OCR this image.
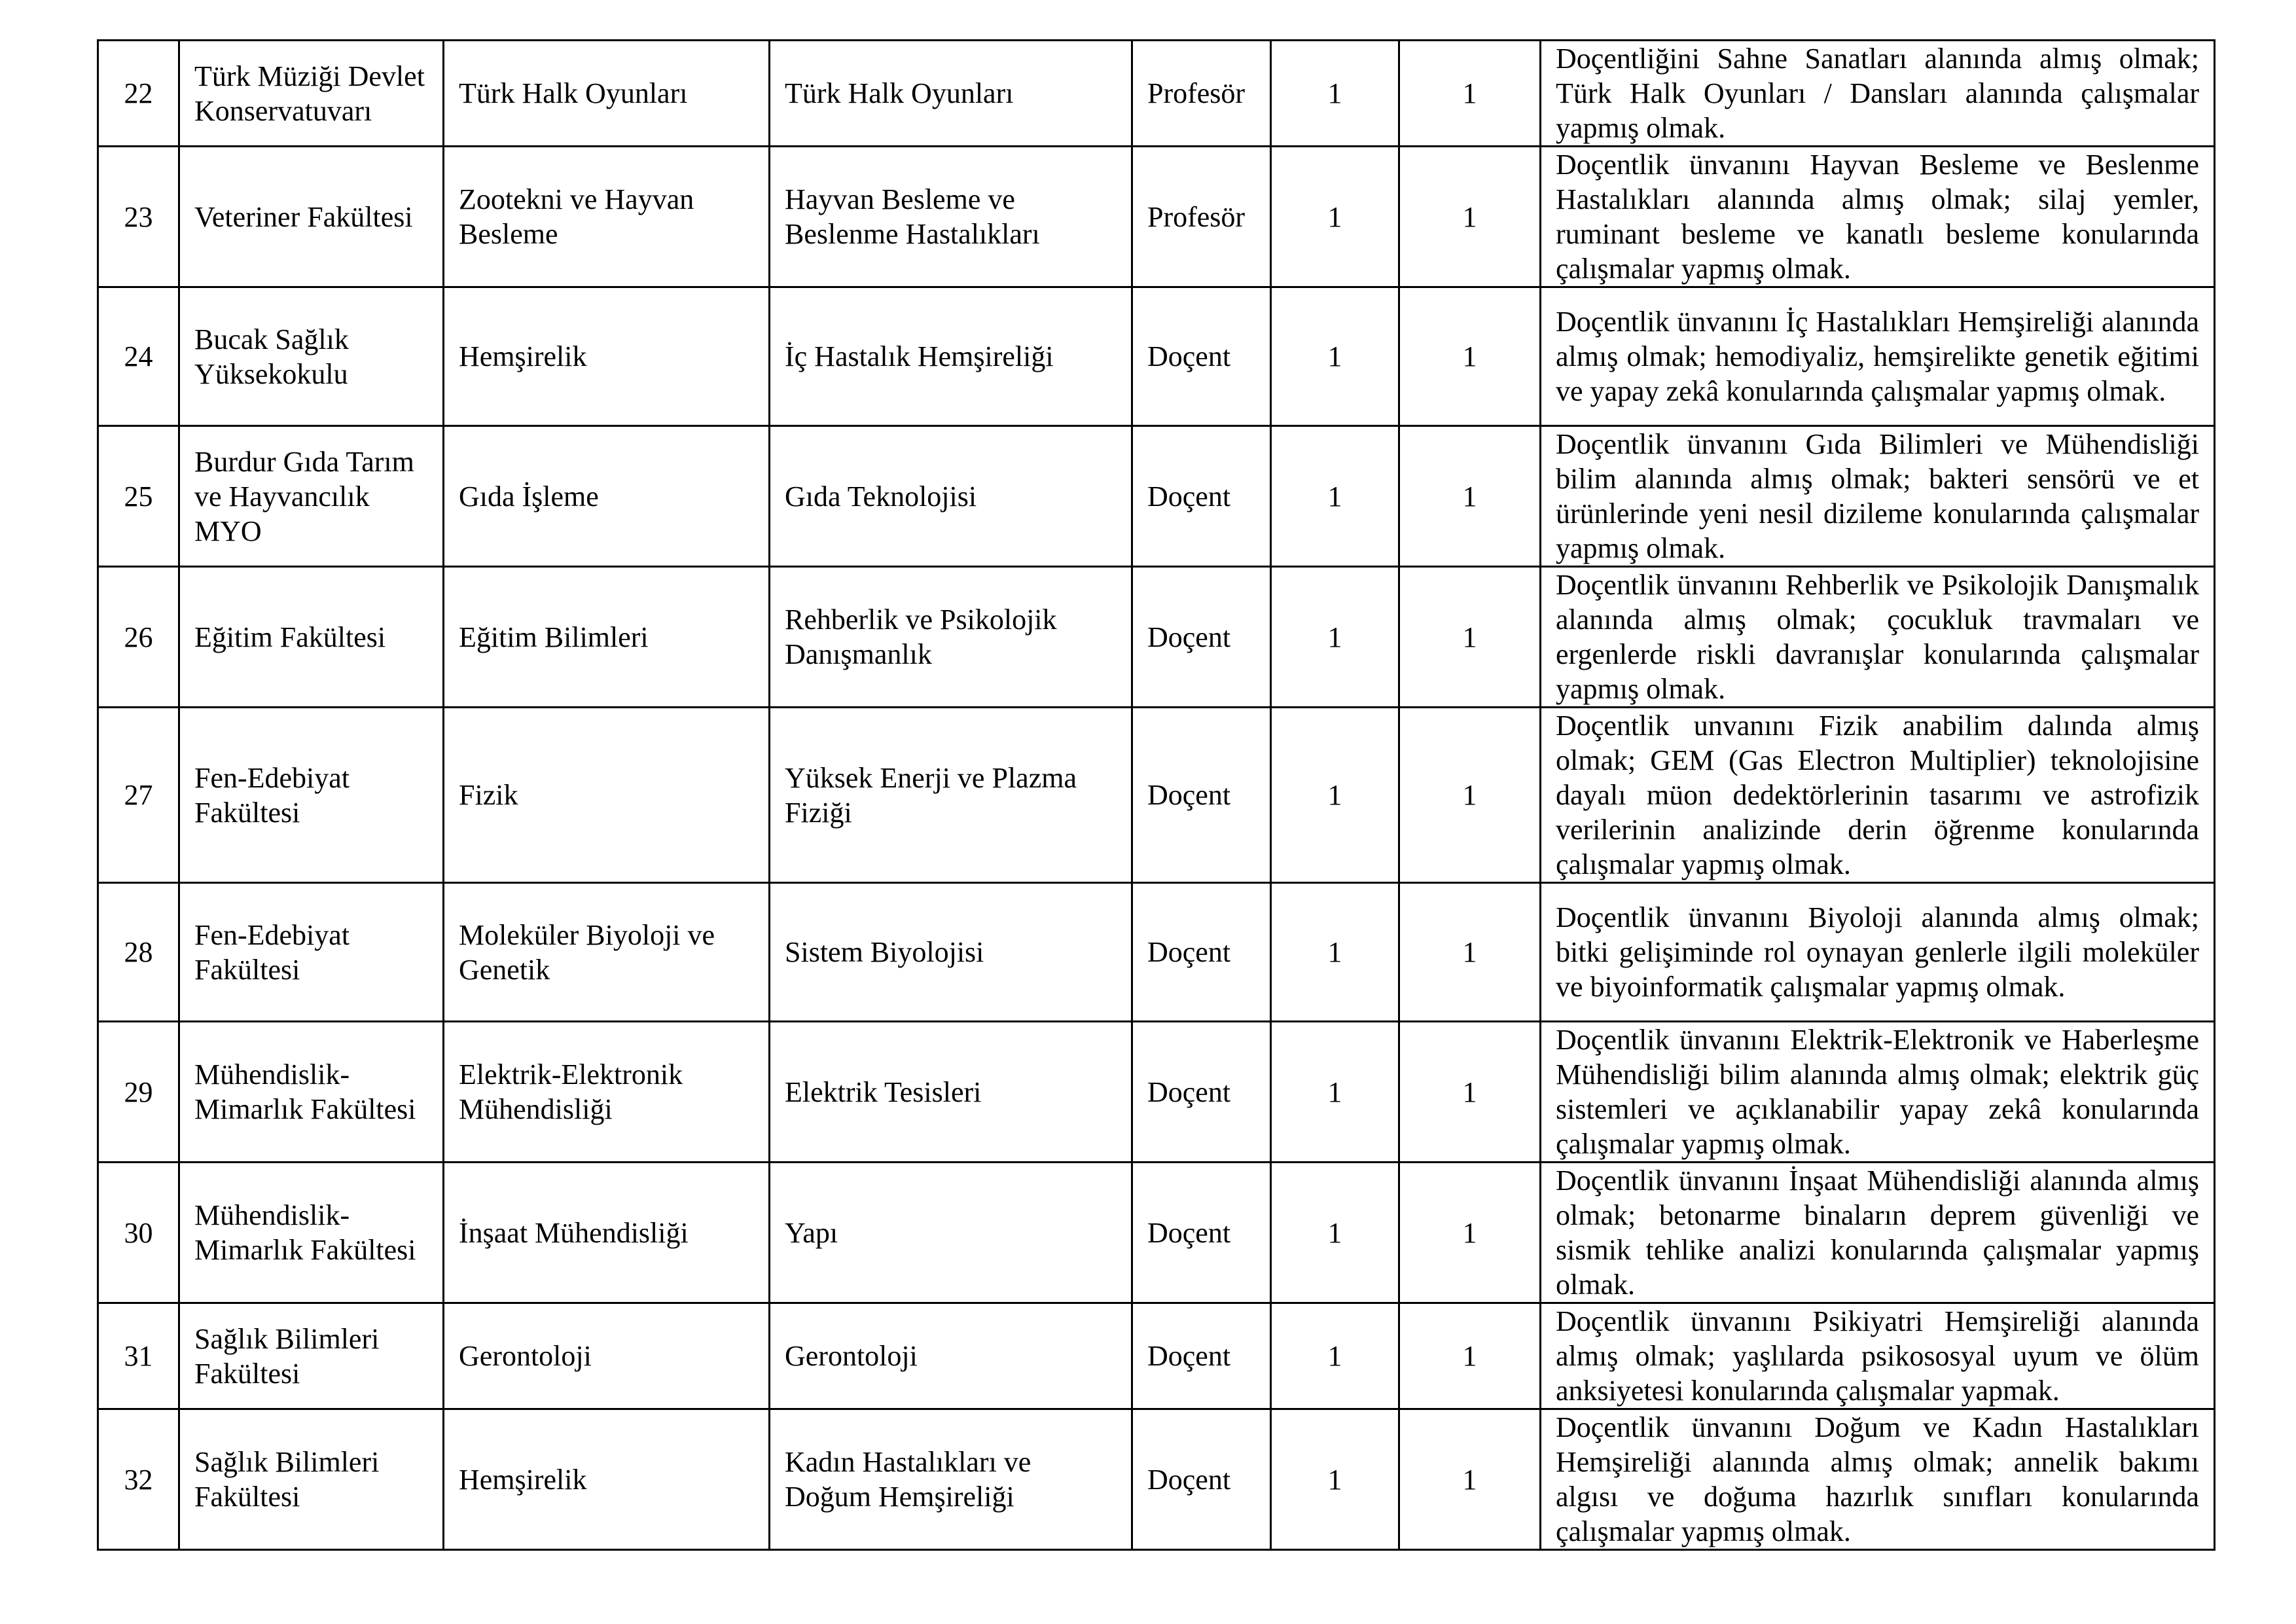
22	Türk Müziği Devlet Konservatuvarı	Türk Halk Oyunları	Türk Halk Oyunları	Profesör	1	1	Doçentliğini Sahne Sanatları alanında almış olmak; Türk Halk Oyunları / Dansları alanında çalışmalar yapmış olmak.
23	Veteriner Fakültesi	Zootekni ve Hayvan Besleme	Hayvan Besleme ve Beslenme Hastalıkları	Profesör	1	1	Doçentlik ünvanını Hayvan Besleme ve Beslenme Hastalıkları alanında almış olmak; silaj yemler, ruminant besleme ve kanatlı besleme konularında çalışmalar yapmış olmak.
24	Bucak Sağlık Yüksekokulu	Hemşirelik	İç Hastalık Hemşireliği	Doçent	1	1	Doçentlik ünvanını İç Hastalıkları Hemşireliği alanında almış olmak; hemodiyaliz, hemşirelikte genetik eğitimi ve yapay zekâ konularında çalışmalar yapmış olmak.
25	Burdur Gıda Tarım ve Hayvancılık MYO	Gıda İşleme	Gıda Teknolojisi	Doçent	1	1	Doçentlik ünvanını Gıda Bilimleri ve Mühendisliği bilim alanında almış olmak; bakteri sensörü ve et ürünlerinde yeni nesil dizileme konularında çalışmalar yapmış olmak.
26	Eğitim Fakültesi	Eğitim Bilimleri	Rehberlik ve Psikolojik Danışmanlık	Doçent	1	1	Doçentlik ünvanını Rehberlik ve Psikolojik Danışmalık alanında almış olmak; çocukluk travmaları ve ergenlerde riskli davranışlar konularında çalışmalar yapmış olmak.
27	Fen-Edebiyat Fakültesi	Fizik	Yüksek Enerji ve Plazma Fiziği	Doçent	1	1	Doçentlik unvanını Fizik anabilim dalında almış olmak; GEM (Gas Electron Multiplier) teknolojisine dayalı müon dedektörlerinin tasarımı ve astrofizik verilerinin analizinde derin öğrenme konularında çalışmalar yapmış olmak.
28	Fen-Edebiyat Fakültesi	Moleküler Biyoloji ve Genetik	Sistem Biyolojisi	Doçent	1	1	Doçentlik ünvanını Biyoloji alanında almış olmak; bitki gelişiminde rol oynayan genlerle ilgili moleküler ve biyoinformatik çalışmalar yapmış olmak.
29	Mühendislik-Mimarlık Fakültesi	Elektrik-Elektronik Mühendisliği	Elektrik Tesisleri	Doçent	1	1	Doçentlik ünvanını Elektrik-Elektronik ve Haberleşme Mühendisliği bilim alanında almış olmak; elektrik güç sistemleri ve açıklanabilir yapay zekâ konularında çalışmalar yapmış olmak.
30	Mühendislik-Mimarlık Fakültesi	İnşaat Mühendisliği	Yapı	Doçent	1	1	Doçentlik ünvanını İnşaat Mühendisliği alanında almış olmak; betonarme binaların deprem güvenliği ve sismik tehlike analizi konularında çalışmalar yapmış olmak.
31	Sağlık Bilimleri Fakültesi	Gerontoloji	Gerontoloji	Doçent	1	1	Doçentlik ünvanını Psikiyatri Hemşireliği alanında almış olmak; yaşlılarda psikososyal uyum ve ölüm anksiyetesi konularında çalışmalar yapmak.
32	Sağlık Bilimleri Fakültesi	Hemşirelik	Kadın Hastalıkları ve Doğum Hemşireliği	Doçent	1	1	Doçentlik ünvanını Doğum ve Kadın Hastalıkları Hemşireliği alanında almış olmak; annelik bakımı algısı ve doğuma hazırlık sınıfları konularında çalışmalar yapmış olmak.
